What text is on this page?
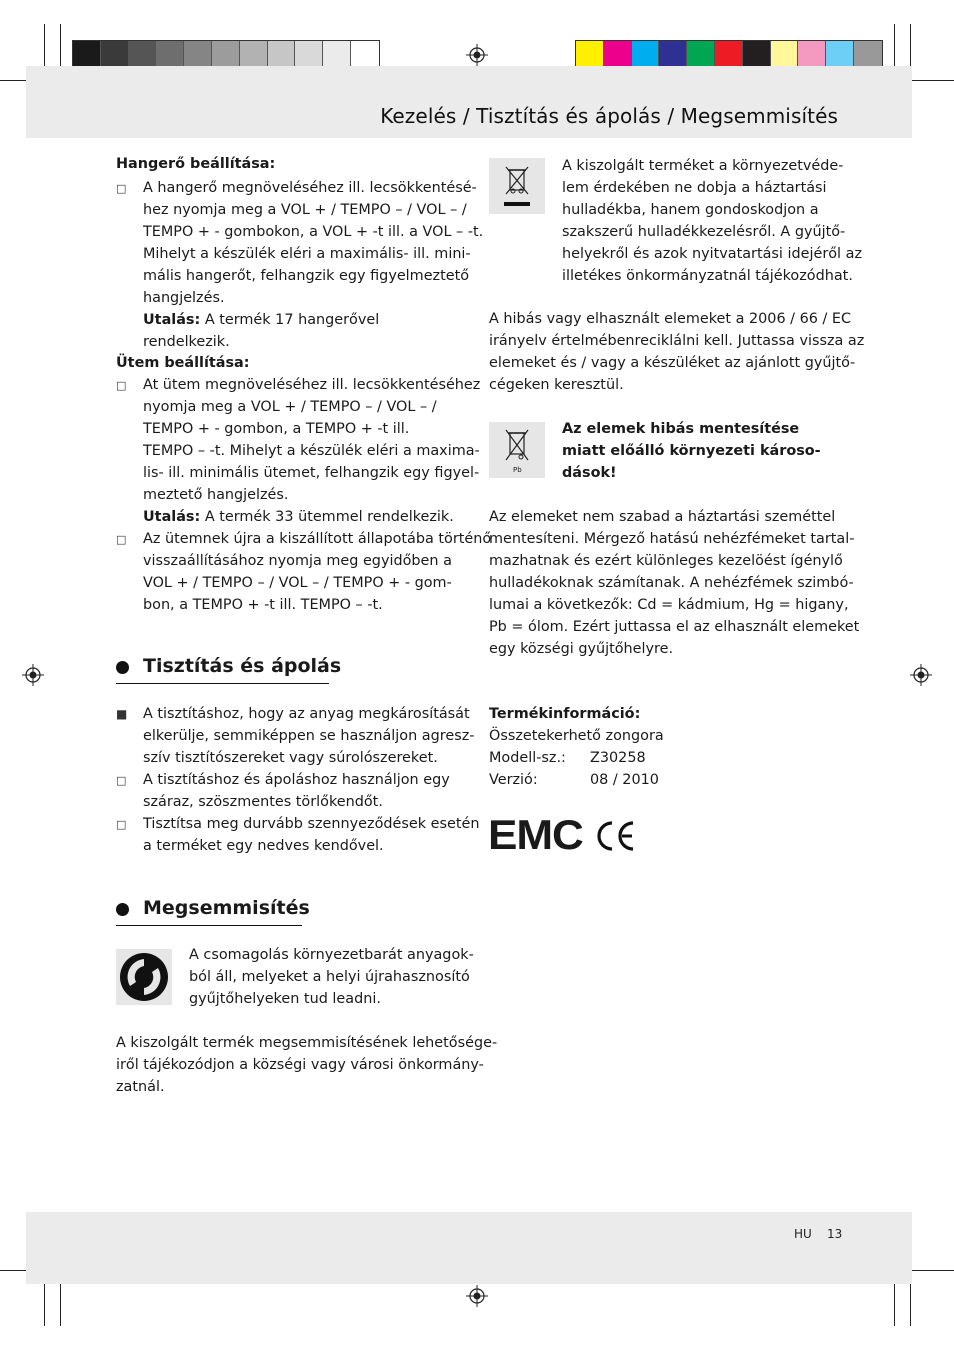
Kezelés / Tisztítás és ápolás / Megsemmisítés
HU 13
Hangerő beállítása:
□ A hangerő megnöveléséhez ill. lecsökkentésé-
hez nyomja meg a VOL + / TEMPO – / VOL – /
TEMPO + - gombokon, a VOL + -t ill. a VOL – -t.
Mihelyt a készülék eléri a maximális- ill. mini-
mális hangerőt, felhangzik egy figyelmeztető
hangjelzés.
Utalás: A termék 17 hangerővel rendelkezik.
Ütem beállítása:
□ At ütem megnöveléséhez ill. lecsökkentéséhez
nyomja meg a VOL + / TEMPO – / VOL – /
TEMPO + - gombon, a TEMPO + -t ill.
TEMPO – -t. Mihelyt a készülék eléri a maxima-
lis- ill. minimális ütemet, felhangzik egy figyel-
meztető hangjelzés.
Utalás: A termék 33 ütemmel rendelkezik.
□ Az ütemnek újra a kiszállított állapotába történő
visszaállításához nyomja meg egyidőben a
VOL + / TEMPO – / VOL – / TEMPO + - gom-
bon, a TEMPO + -t ill. TEMPO – -t.
Tisztítás és ápolás
■ A tisztításhoz, hogy az anyag megkárosítását
elkerülje, semmiképpen se használjon agresz-
szív tisztítószereket vagy súrolószereket.
□ A tisztításhoz és ápoláshoz használjon egy
száraz, szöszmentes törlőkendőt.
□ Tisztítsa meg durvább szennyeződések esetén
a terméket egy nedves kendővel.
Megsemmisítés
A csomagolás környezetbarát anyagok-
ból áll, melyeket a helyi újrahasznosító
gyűjtőhelyeken tud leadni.
A kiszolgált termék megsemmisítésének lehetősége-
iről tájékozódjon a községi vagy városi önkormány-
zatnál.
A kiszolgált terméket a környezetvéde-
lem érdekében ne dobja a háztartási
hulladékba, hanem gondoskodjon a
szakszerű hulladékkezelésről. A gyűjtő-
helyekről és azok nyitvatartási idejéről az
illetékes önkormányzatnál tájékozódhat.
A hibás vagy elhasznált elemeket a 2006 / 66 / EC
irányelv értelmébenreciklálni kell. Juttassa vissza az
elemeket és / vagy a készüléket az ajánlott gyűjtő-
cégeken keresztül.
Pb
Az elemek hibás mentesítése
miatt előálló környezeti károso-
dások!
Az elemeket nem szabad a háztartási szeméttel
mentesíteni. Mérgező hatású nehézfémeket tartal-
mazhatnak és ezért különleges kezelöést ígénylő
hulladékoknak számítanak. A nehézfémek szimbó-
lumai a következők: Cd = kádmium, Hg = higany,
Pb = ólom. Ezért juttassa el az elhasznált elemeket
egy községi gyűjtőhelyre.
Termékinformáció:
Összetekerhető zongora
Modell-sz.: Z30258
Verzió:	08 / 2010
EMC
